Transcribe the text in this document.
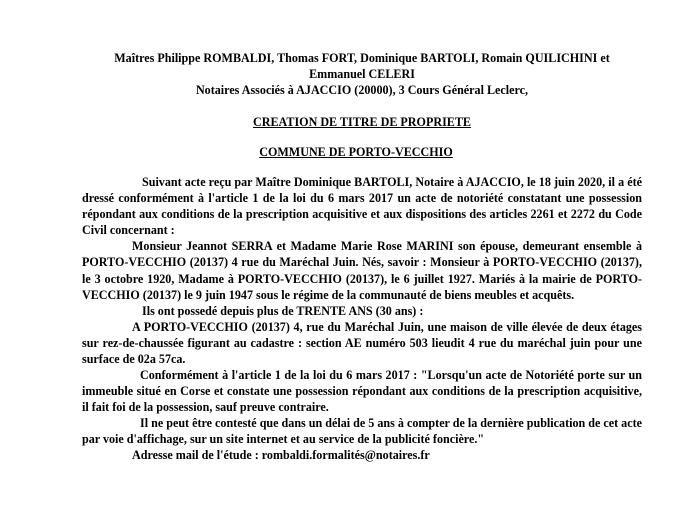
Maîtres Philippe ROMBALDI, Thomas FORT, Dominique BARTOLI, Romain QUILICHINI et
Emmanuel CELERI
Notaires Associés à AJACCIO (20000), 3 Cours Général Leclerc,
CREATION DE TITRE DE PROPRIETE
COMMUNE DE PORTO-VECCHIO

Suivant acte reçu par Maître Dominique BARTOLI, Notaire à AJACCIO, le 18 juin 2020, il a été dressé conformément à l'article 1 de la loi du 6 mars 2017 un acte de notoriété constatant une possession répondant aux conditions de la prescription acquisitive et aux dispositions des articles 2261 et 2272 du Code Civil concernant :

Monsieur Jeannot SERRA et Madame Marie Rose MARINI son épouse, demeurant ensemble à PORTO-VECCHIO (20137) 4 rue du Maréchal Juin. Nés, savoir : Monsieur à PORTO-VECCHIO (20137), le 3 octobre 1920, Madame à PORTO-VECCHIO (20137), le 6 juillet 1927. Mariés à la mairie de PORTO-VECCHIO (20137) le 9 juin 1947 sous le régime de la communauté de biens meubles et acquêts.

Ils ont possedé depuis plus de TRENTE ANS (30 ans) :

A PORTO-VECCHIO (20137) 4, rue du Maréchal Juin, une maison de ville élevée de deux étages sur rez-de-chaussée figurant au cadastre : section AE numéro 503 lieudit 4 rue du maréchal juin pour une surface de 02a 57ca.

Conformément à l'article 1 de la loi du 6 mars 2017 : "Lorsqu'un acte de Notoriété porte sur un immeuble situé en Corse et constate une possession répondant aux conditions de la prescription acquisitive, il fait foi de la possession, sauf preuve contraire.

Il ne peut être contesté que dans un délai de 5 ans à compter de la dernière publication de cet acte par voie d'affichage, sur un site internet et au service de la publicité foncière."

Adresse mail de l'étude : rombaldi.formalités@notaires.fr
